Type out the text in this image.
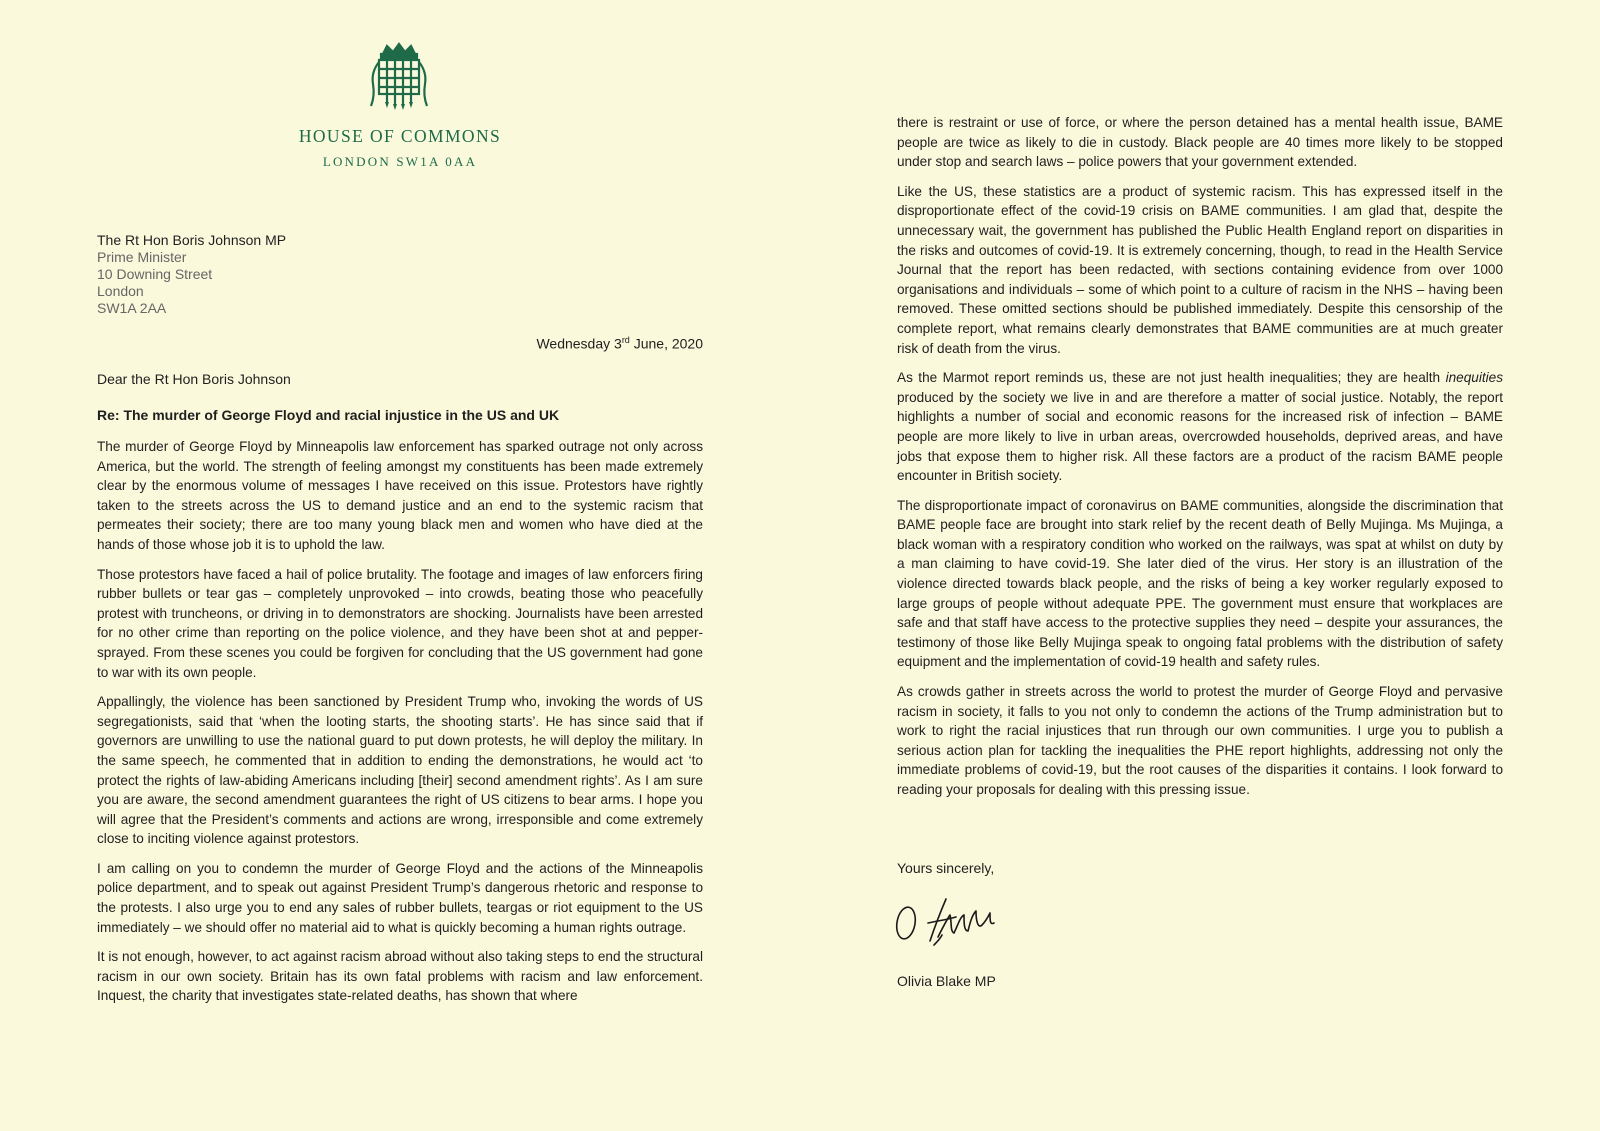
HOUSE OF COMMONS
LONDON SW1A 0AA
The Rt Hon Boris Johnson MP
Prime Minister
10 Downing Street
London
SW1A 2AA
Wednesday 3rd June, 2020
Dear the Rt Hon Boris Johnson
Re: The murder of George Floyd and racial injustice in the US and UK

The murder of George Floyd by Minneapolis law enforcement has sparked outrage not only across America, but the world. The strength of feeling amongst my constituents has been made extremely clear by the enormous volume of messages I have received on this issue. Protestors have rightly taken to the streets across the US to demand justice and an end to the systemic racism that permeates their society; there are too many young black men and women who have died at the hands of those whose job it is to uphold the law.

Those protestors have faced a hail of police brutality. The footage and images of law enforcers firing rubber bullets or tear gas – completely unprovoked – into crowds, beating those who peacefully protest with truncheons, or driving in to demonstrators are shocking. Journalists have been arrested for no other crime than reporting on the police violence, and they have been shot at and pepper-sprayed. From these scenes you could be forgiven for concluding that the US government had gone to war with its own people.

Appallingly, the violence has been sanctioned by President Trump who, invoking the words of US segregationists, said that ‘when the looting starts, the shooting starts’. He has since said that if governors are unwilling to use the national guard to put down protests, he will deploy the military. In the same speech, he commented that in addition to ending the demonstrations, he would act ‘to protect the rights of law-abiding Americans including [their] second amendment rights’. As I am sure you are aware, the second amendment guarantees the right of US citizens to bear arms. I hope you will agree that the President’s comments and actions are wrong, irresponsible and come extremely close to inciting violence against protestors.

I am calling on you to condemn the murder of George Floyd and the actions of the Minneapolis police department, and to speak out against President Trump’s dangerous rhetoric and response to the protests. I also urge you to end any sales of rubber bullets, teargas or riot equipment to the US immediately – we should offer no material aid to what is quickly becoming a human rights outrage.

It is not enough, however, to act against racism abroad without also taking steps to end the structural racism in our own society. Britain has its own fatal problems with racism and law enforcement. Inquest, the charity that investigates state-related deaths, has shown that where

there is restraint or use of force, or where the person detained has a mental health issue, BAME people are twice as likely to die in custody. Black people are 40 times more likely to be stopped under stop and search laws – police powers that your government extended.

Like the US, these statistics are a product of systemic racism. This has expressed itself in the disproportionate effect of the covid-19 crisis on BAME communities. I am glad that, despite the unnecessary wait, the government has published the Public Health England report on disparities in the risks and outcomes of covid-19. It is extremely concerning, though, to read in the Health Service Journal that the report has been redacted, with sections containing evidence from over 1000 organisations and individuals – some of which point to a culture of racism in the NHS – having been removed. These omitted sections should be published immediately. Despite this censorship of the complete report, what remains clearly demonstrates that BAME communities are at much greater risk of death from the virus.

As the Marmot report reminds us, these are not just health inequalities; they are health inequities produced by the society we live in and are therefore a matter of social justice. Notably, the report highlights a number of social and economic reasons for the increased risk of infection – BAME people are more likely to live in urban areas, overcrowded households, deprived areas, and have jobs that expose them to higher risk. All these factors are a product of the racism BAME people encounter in British society.

The disproportionate impact of coronavirus on BAME communities, alongside the discrimination that BAME people face are brought into stark relief by the recent death of Belly Mujinga. Ms Mujinga, a black woman with a respiratory condition who worked on the railways, was spat at whilst on duty by a man claiming to have covid-19. She later died of the virus. Her story is an illustration of the violence directed towards black people, and the risks of being a key worker regularly exposed to large groups of people without adequate PPE. The government must ensure that workplaces are safe and that staff have access to the protective supplies they need – despite your assurances, the testimony of those like Belly Mujinga speak to ongoing fatal problems with the distribution of safety equipment and the implementation of covid-19 health and safety rules.

As crowds gather in streets across the world to protest the murder of George Floyd and pervasive racism in society, it falls to you not only to condemn the actions of the Trump administration but to work to right the racial injustices that run through our own communities. I urge you to publish a serious action plan for tackling the inequalities the PHE report highlights, addressing not only the immediate problems of covid-19, but the root causes of the disparities it contains. I look forward to reading your proposals for dealing with this pressing issue.

Yours sincerely,
Olivia Blake MP
